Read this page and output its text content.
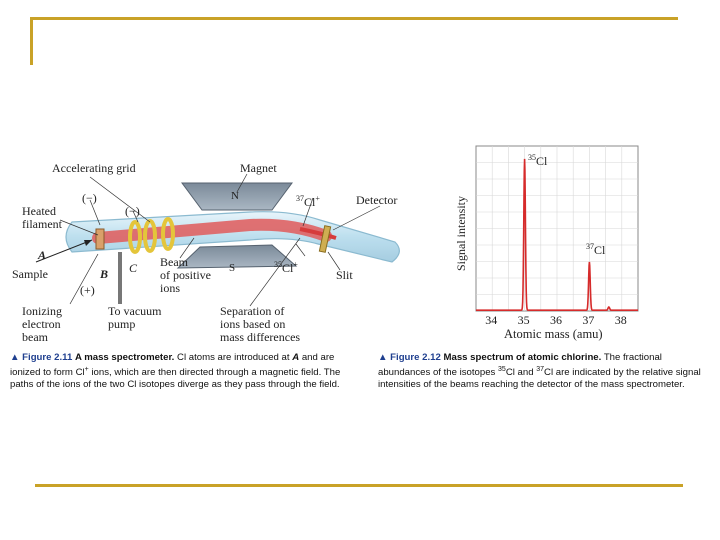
Accelerating grid	Magnet
(−)	$^{37}$Cl+	Detector
N
Heated	(−)
filament
A
S
Beam	$^{35}$Cl+
Sample	B C of positive	Slit
(+)	ions
Ionizing	To vacuum	Separation of
electron	pump	ions based on
beam	mass differences
▲ Figure 2.11 A mass spectrometer. Cl atoms are introduced at A and are ionized to form Cl+ ions, which are then directed through a magnetic field. The paths of the ions of the two Cl isotopes diverge as they pass through the field.
Signal intensity
34 35 36 37 38
Atomic mass (amu)
$^{35}$Cl
$^{37}$Cl
▲ Figure 2.12 Mass spectrum of atomic chlorine. The fractional abundances of the isotopes $^{35}$Cl and $^{37}$Cl are indicated by the relative signal intensities of the beams reaching the detector of the mass spectrometer.
